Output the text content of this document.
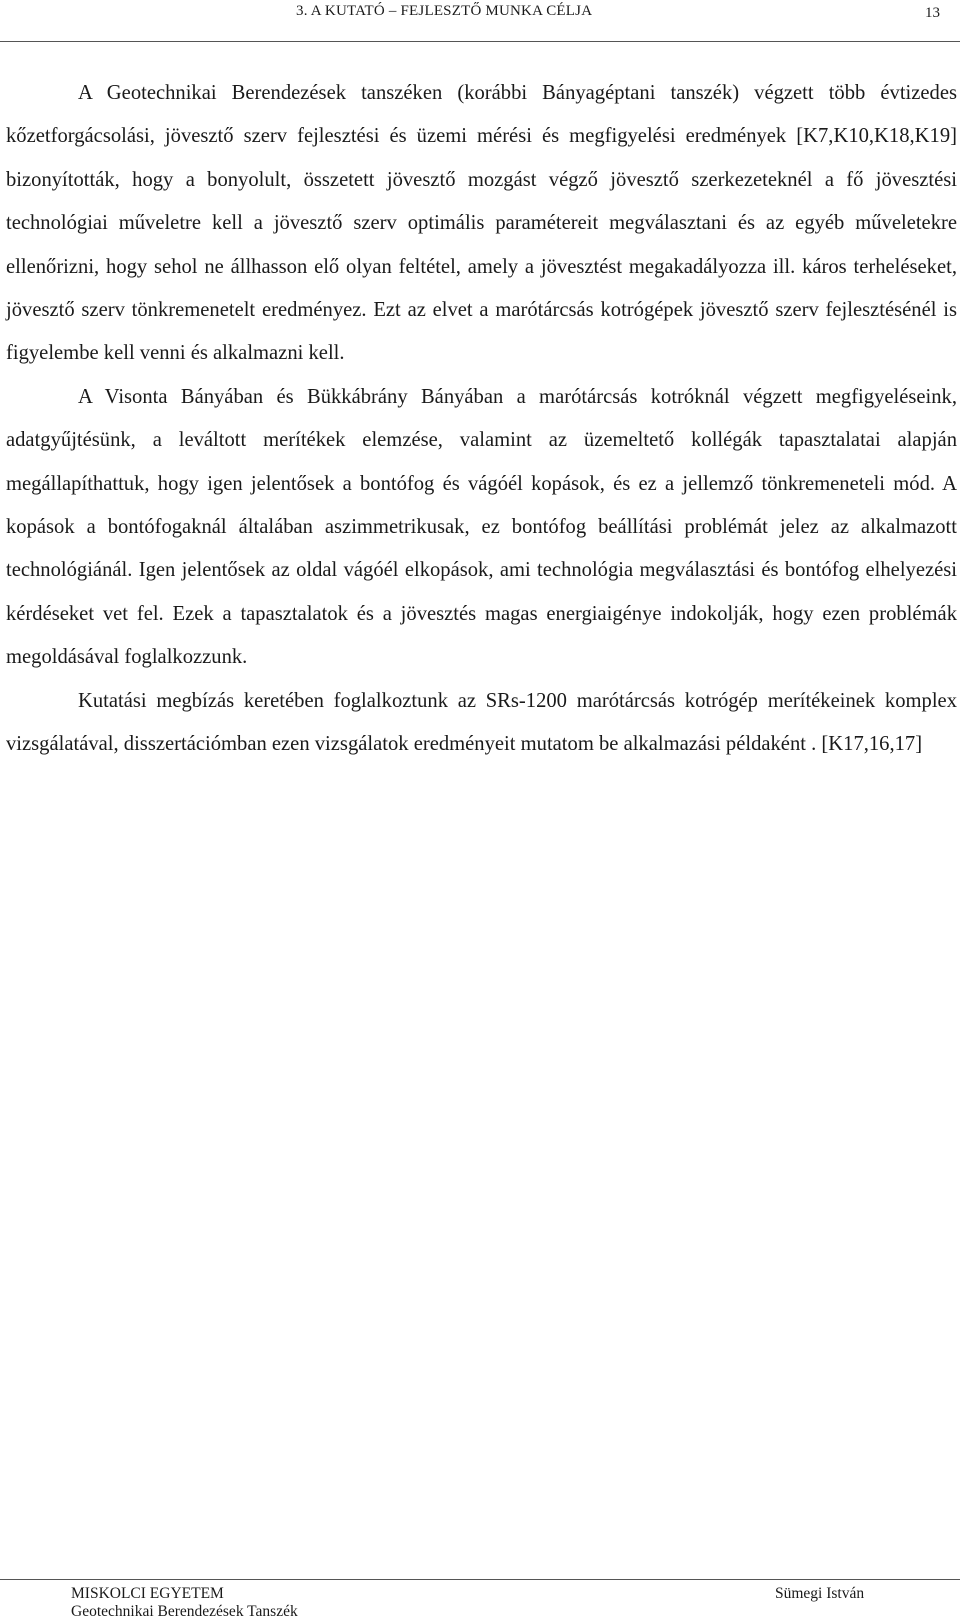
3. A KUTATÓ – FEJLESZTŐ MUNKA CÉLJA	13

A Geotechnikai Berendezések tanszéken (korábbi Bányagéptani tanszék) végzett több évtizedes kőzetforgácsolási, jövesztő szerv fejlesztési és üzemi mérési és megfigyelési eredmények [K7,K10,K18,K19] bizonyították, hogy a bonyolult, összetett jövesztő mozgást végző jövesztő szerkezeteknél a fő jövesztési technológiai műveletre kell a jövesztő szerv optimális paramétereit megválasztani és az egyéb műveletekre ellenőrizni, hogy sehol ne állhasson elő olyan feltétel, amely a jövesztést megakadályozza ill. káros terheléseket, jövesztő szerv tönkremenetelt eredményez. Ezt az elvet a marótárcsás kotrógépek jövesztő szerv fejlesztésénél is figyelembe kell venni és alkalmazni kell.

A Visonta Bányában és Bükkábrány Bányában a marótárcsás kotróknál végzett megfigyeléseink, adatgyűjtésünk, a leváltott merítékek elemzése, valamint az üzemeltető kollégák tapasztalatai alapján megállapíthattuk, hogy igen jelentősek a bontófog és vágóél kopások, és ez a jellemző tönkremeneteli mód. A kopások a bontófogaknál általában aszimmetrikusak, ez bontófog beállítási problémát jelez az alkalmazott technológiánál. Igen jelentősek az oldal vágóél elkopások, ami technológia megválasztási és bontófog elhelyezési kérdéseket vet fel. Ezek a tapasztalatok és a jövesztés magas energiaigénye indokolják, hogy ezen problémák megoldásával foglalkozzunk.

Kutatási megbízás keretében foglalkoztunk az SRs-1200 marótárcsás kotrógép merítékeinek komplex vizsgálatával, disszertációmban ezen vizsgálatok eredményeit mutatom be alkalmazási példaként . [K17,16,17]

MISKOLCI EGYETEM
Geotechnikai Berendezések Tanszék
Sümegi István
